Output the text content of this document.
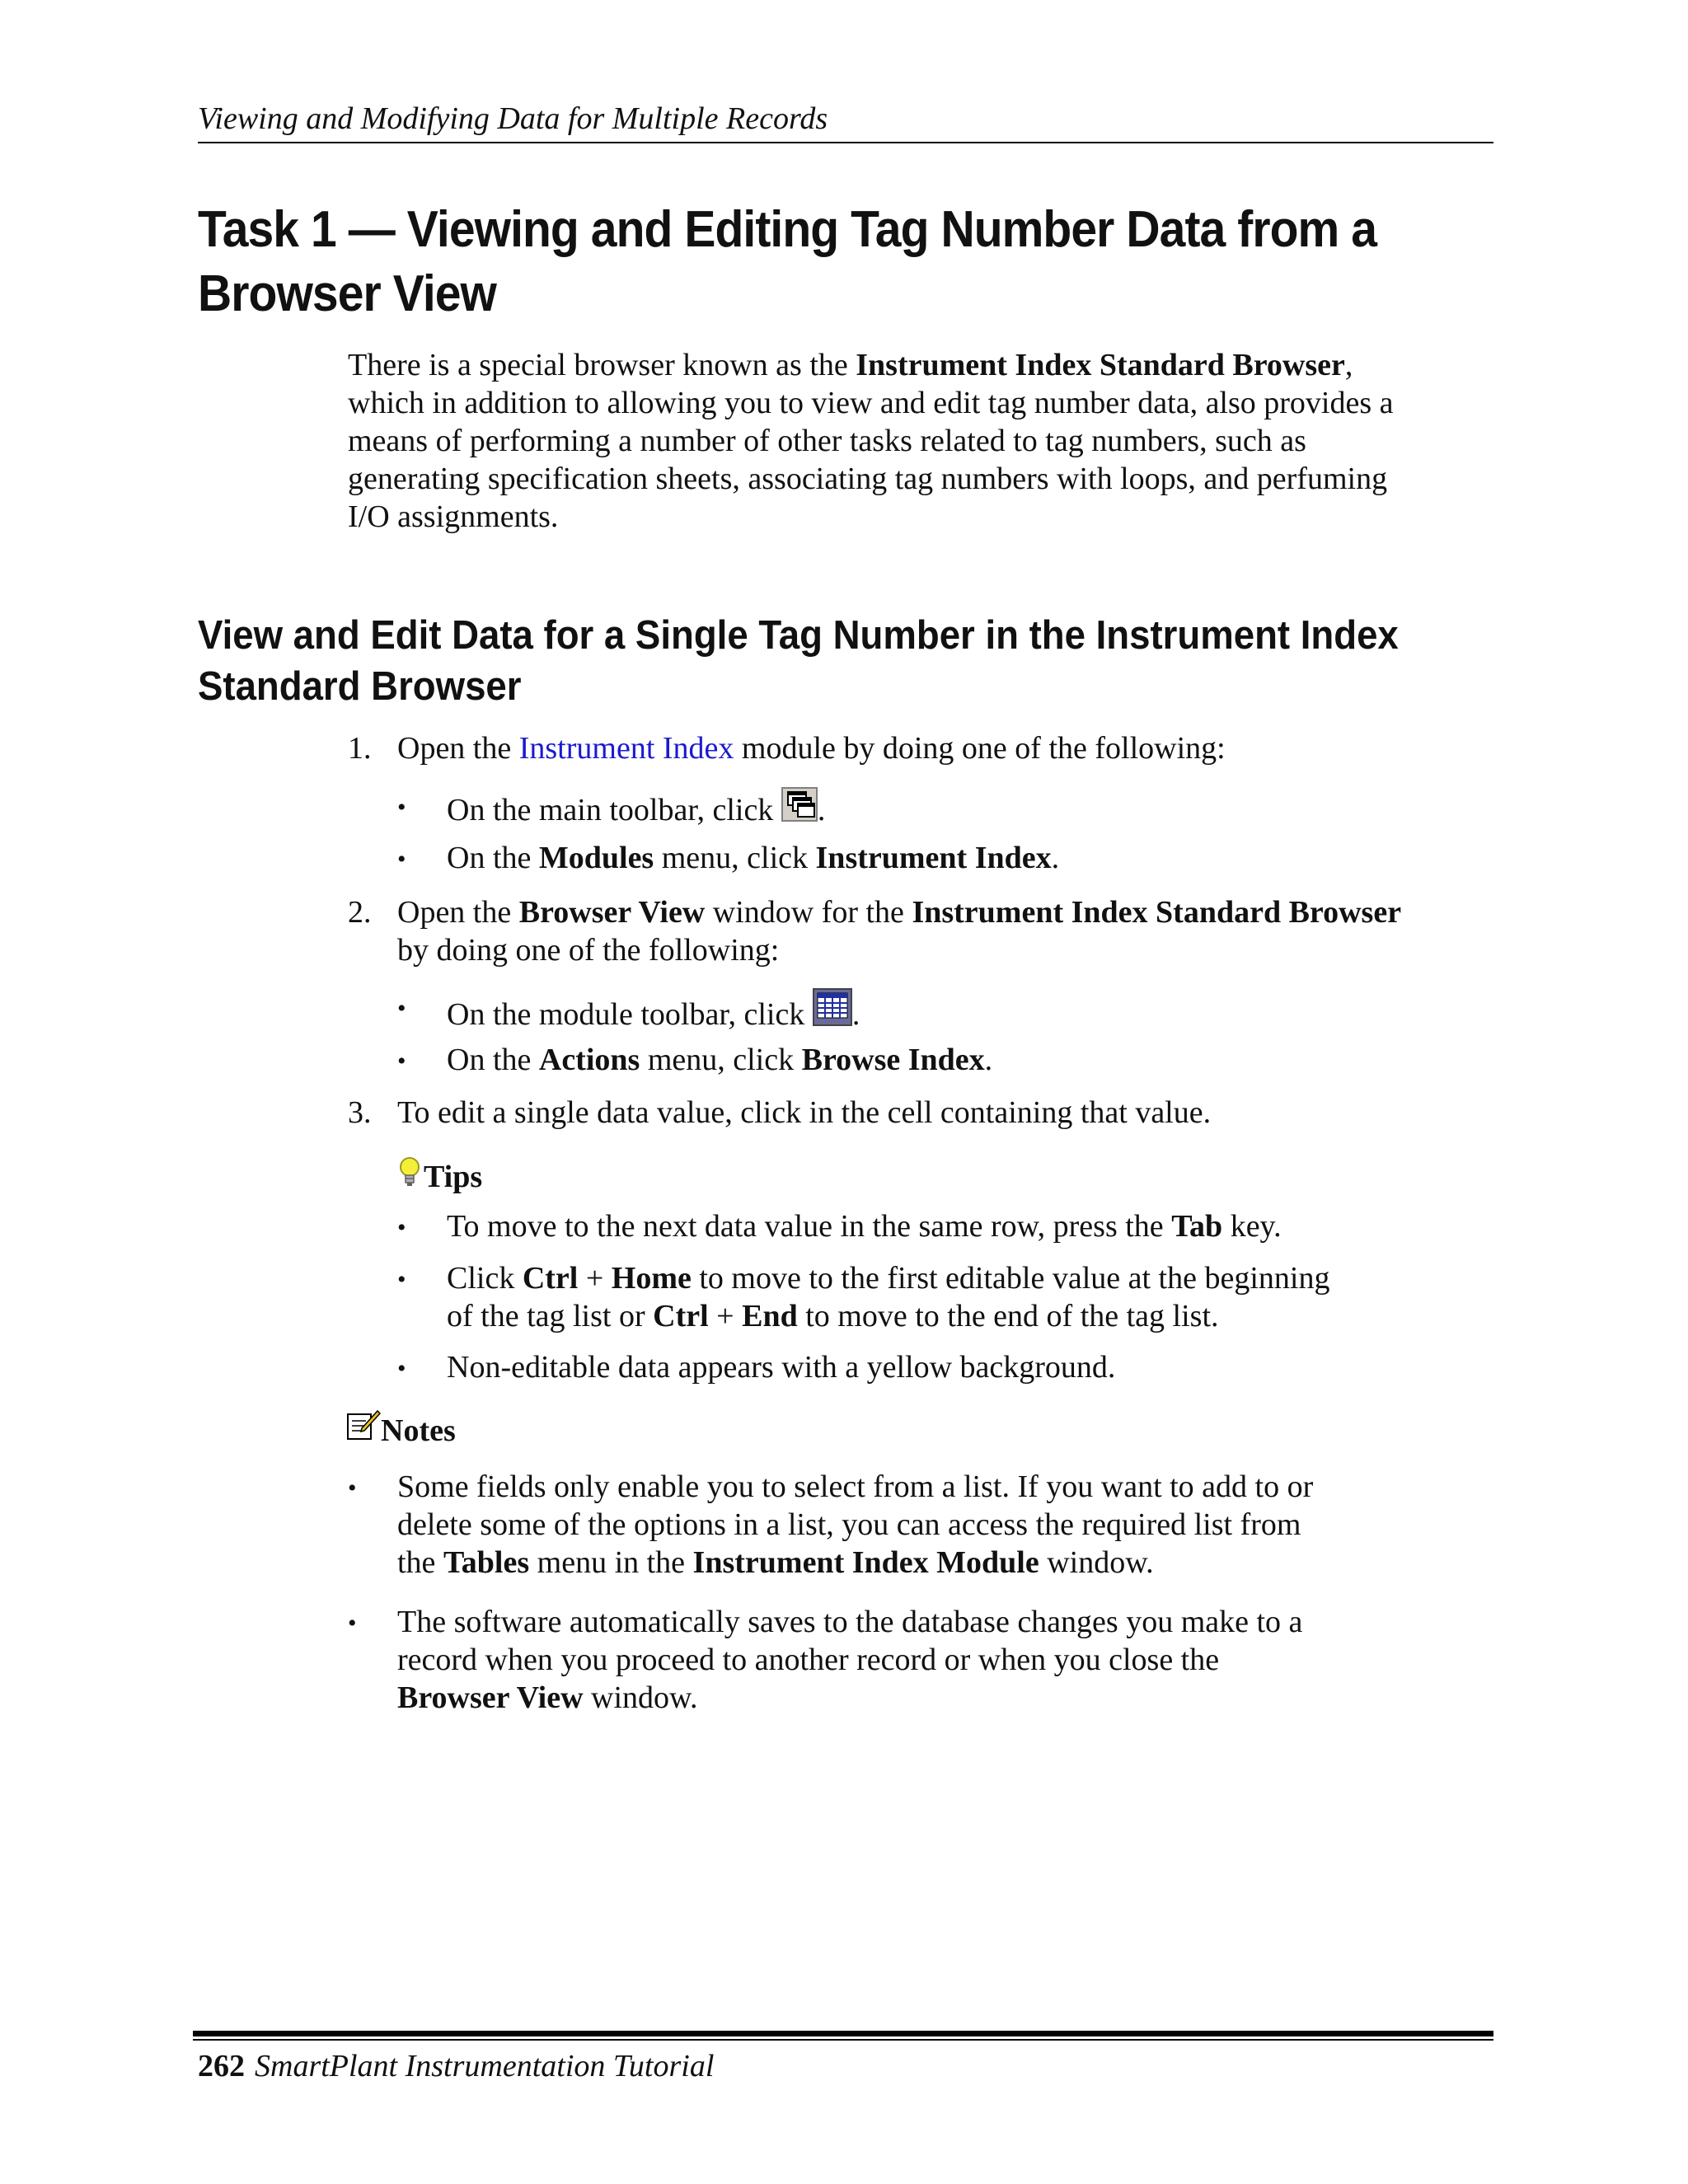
Viewing and Modifying Data for Multiple Records
Task 1 — Viewing and Editing Tag Number Data from a
Browser View

There is a special browser known as the Instrument Index Standard Browser,
which in addition to allowing you to view and edit tag number data, also provides a
means of performing a number of other tasks related to tag numbers, such as
generating specification sheets, associating tag numbers with loops, and perfuming
I/O assignments.

View and Edit Data for a Single Tag Number in the Instrument Index
Standard Browser
1. Open the Instrument Index module by doing one of the following:
• On the main toolbar, click .
• On the Modules menu, click Instrument Index.
2. Open the Browser View window for the Instrument Index Standard Browser
by doing one of the following:
• On the module toolbar, click .
• On the Actions menu, click Browse Index.
3. To edit a single data value, click in the cell containing that value.
Tips
• To move to the next data value in the same row, press the Tab key.
• Click Ctrl + Home to move to the first editable value at the beginning
of the tag list or Ctrl + End to move to the end of the tag list.
• Non-editable data appears with a yellow background.
Notes
• Some fields only enable you to select from a list. If you want to add to or
delete some of the options in a list, you can access the required list from
the Tables menu in the Instrument Index Module window.
• The software automatically saves to the database changes you make to a
record when you proceed to another record or when you close the
Browser View window.
262 SmartPlant Instrumentation Tutorial
